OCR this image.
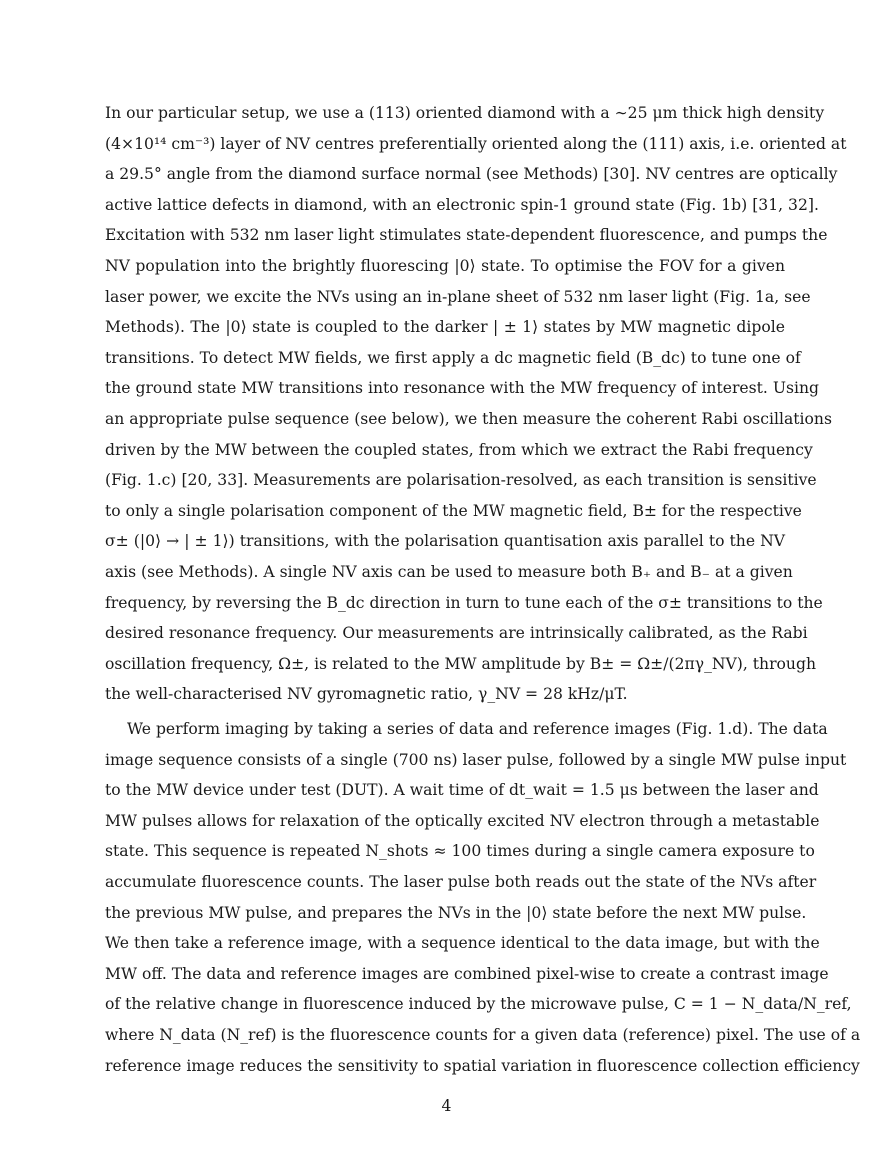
In our particular setup, we use a (113) oriented diamond with a ∼25 μm thick high density
(4×10¹⁴ cm⁻³) layer of NV centres preferentially oriented along the (111) axis, i.e. oriented at
a 29.5° angle from the diamond surface normal (see Methods) [30]. NV centres are optically
active lattice defects in diamond, with an electronic spin-1 ground state (Fig. 1b) [31, 32].
Excitation with 532 nm laser light stimulates state-dependent fluorescence, and pumps the
NV population into the brightly fluorescing |0⟩ state. To optimise the FOV for a given
laser power, we excite the NVs using an in-plane sheet of 532 nm laser light (Fig. 1a, see
Methods). The |0⟩ state is coupled to the darker | ± 1⟩ states by MW magnetic dipole
transitions. To detect MW fields, we first apply a dc magnetic field (B_dc) to tune one of
the ground state MW transitions into resonance with the MW frequency of interest. Using
an appropriate pulse sequence (see below), we then measure the coherent Rabi oscillations
driven by the MW between the coupled states, from which we extract the Rabi frequency
(Fig. 1.c) [20, 33]. Measurements are polarisation-resolved, as each transition is sensitive
to only a single polarisation component of the MW magnetic field, B± for the respective
σ± (|0⟩ → | ± 1⟩) transitions, with the polarisation quantisation axis parallel to the NV
axis (see Methods). A single NV axis can be used to measure both B₊ and B₋ at a given
frequency, by reversing the B_dc direction in turn to tune each of the σ± transitions to the
desired resonance frequency. Our measurements are intrinsically calibrated, as the Rabi
oscillation frequency, Ω±, is related to the MW amplitude by B± = Ω±/(2πγ_NV), through
the well-characterised NV gyromagnetic ratio, γ_NV = 28 kHz/μT.
We perform imaging by taking a series of data and reference images (Fig. 1.d). The data
image sequence consists of a single (700 ns) laser pulse, followed by a single MW pulse input
to the MW device under test (DUT). A wait time of dt_wait = 1.5 μs between the laser and
MW pulses allows for relaxation of the optically excited NV electron through a metastable
state. This sequence is repeated N_shots ≈ 100 times during a single camera exposure to
accumulate fluorescence counts. The laser pulse both reads out the state of the NVs after
the previous MW pulse, and prepares the NVs in the |0⟩ state before the next MW pulse.
We then take a reference image, with a sequence identical to the data image, but with the
MW off. The data and reference images are combined pixel-wise to create a contrast image
of the relative change in fluorescence induced by the microwave pulse, C = 1 − N_data/N_ref,
where N_data (N_ref) is the fluorescence counts for a given data (reference) pixel. The use of a
reference image reduces the sensitivity to spatial variation in fluorescence collection efficiency
4
